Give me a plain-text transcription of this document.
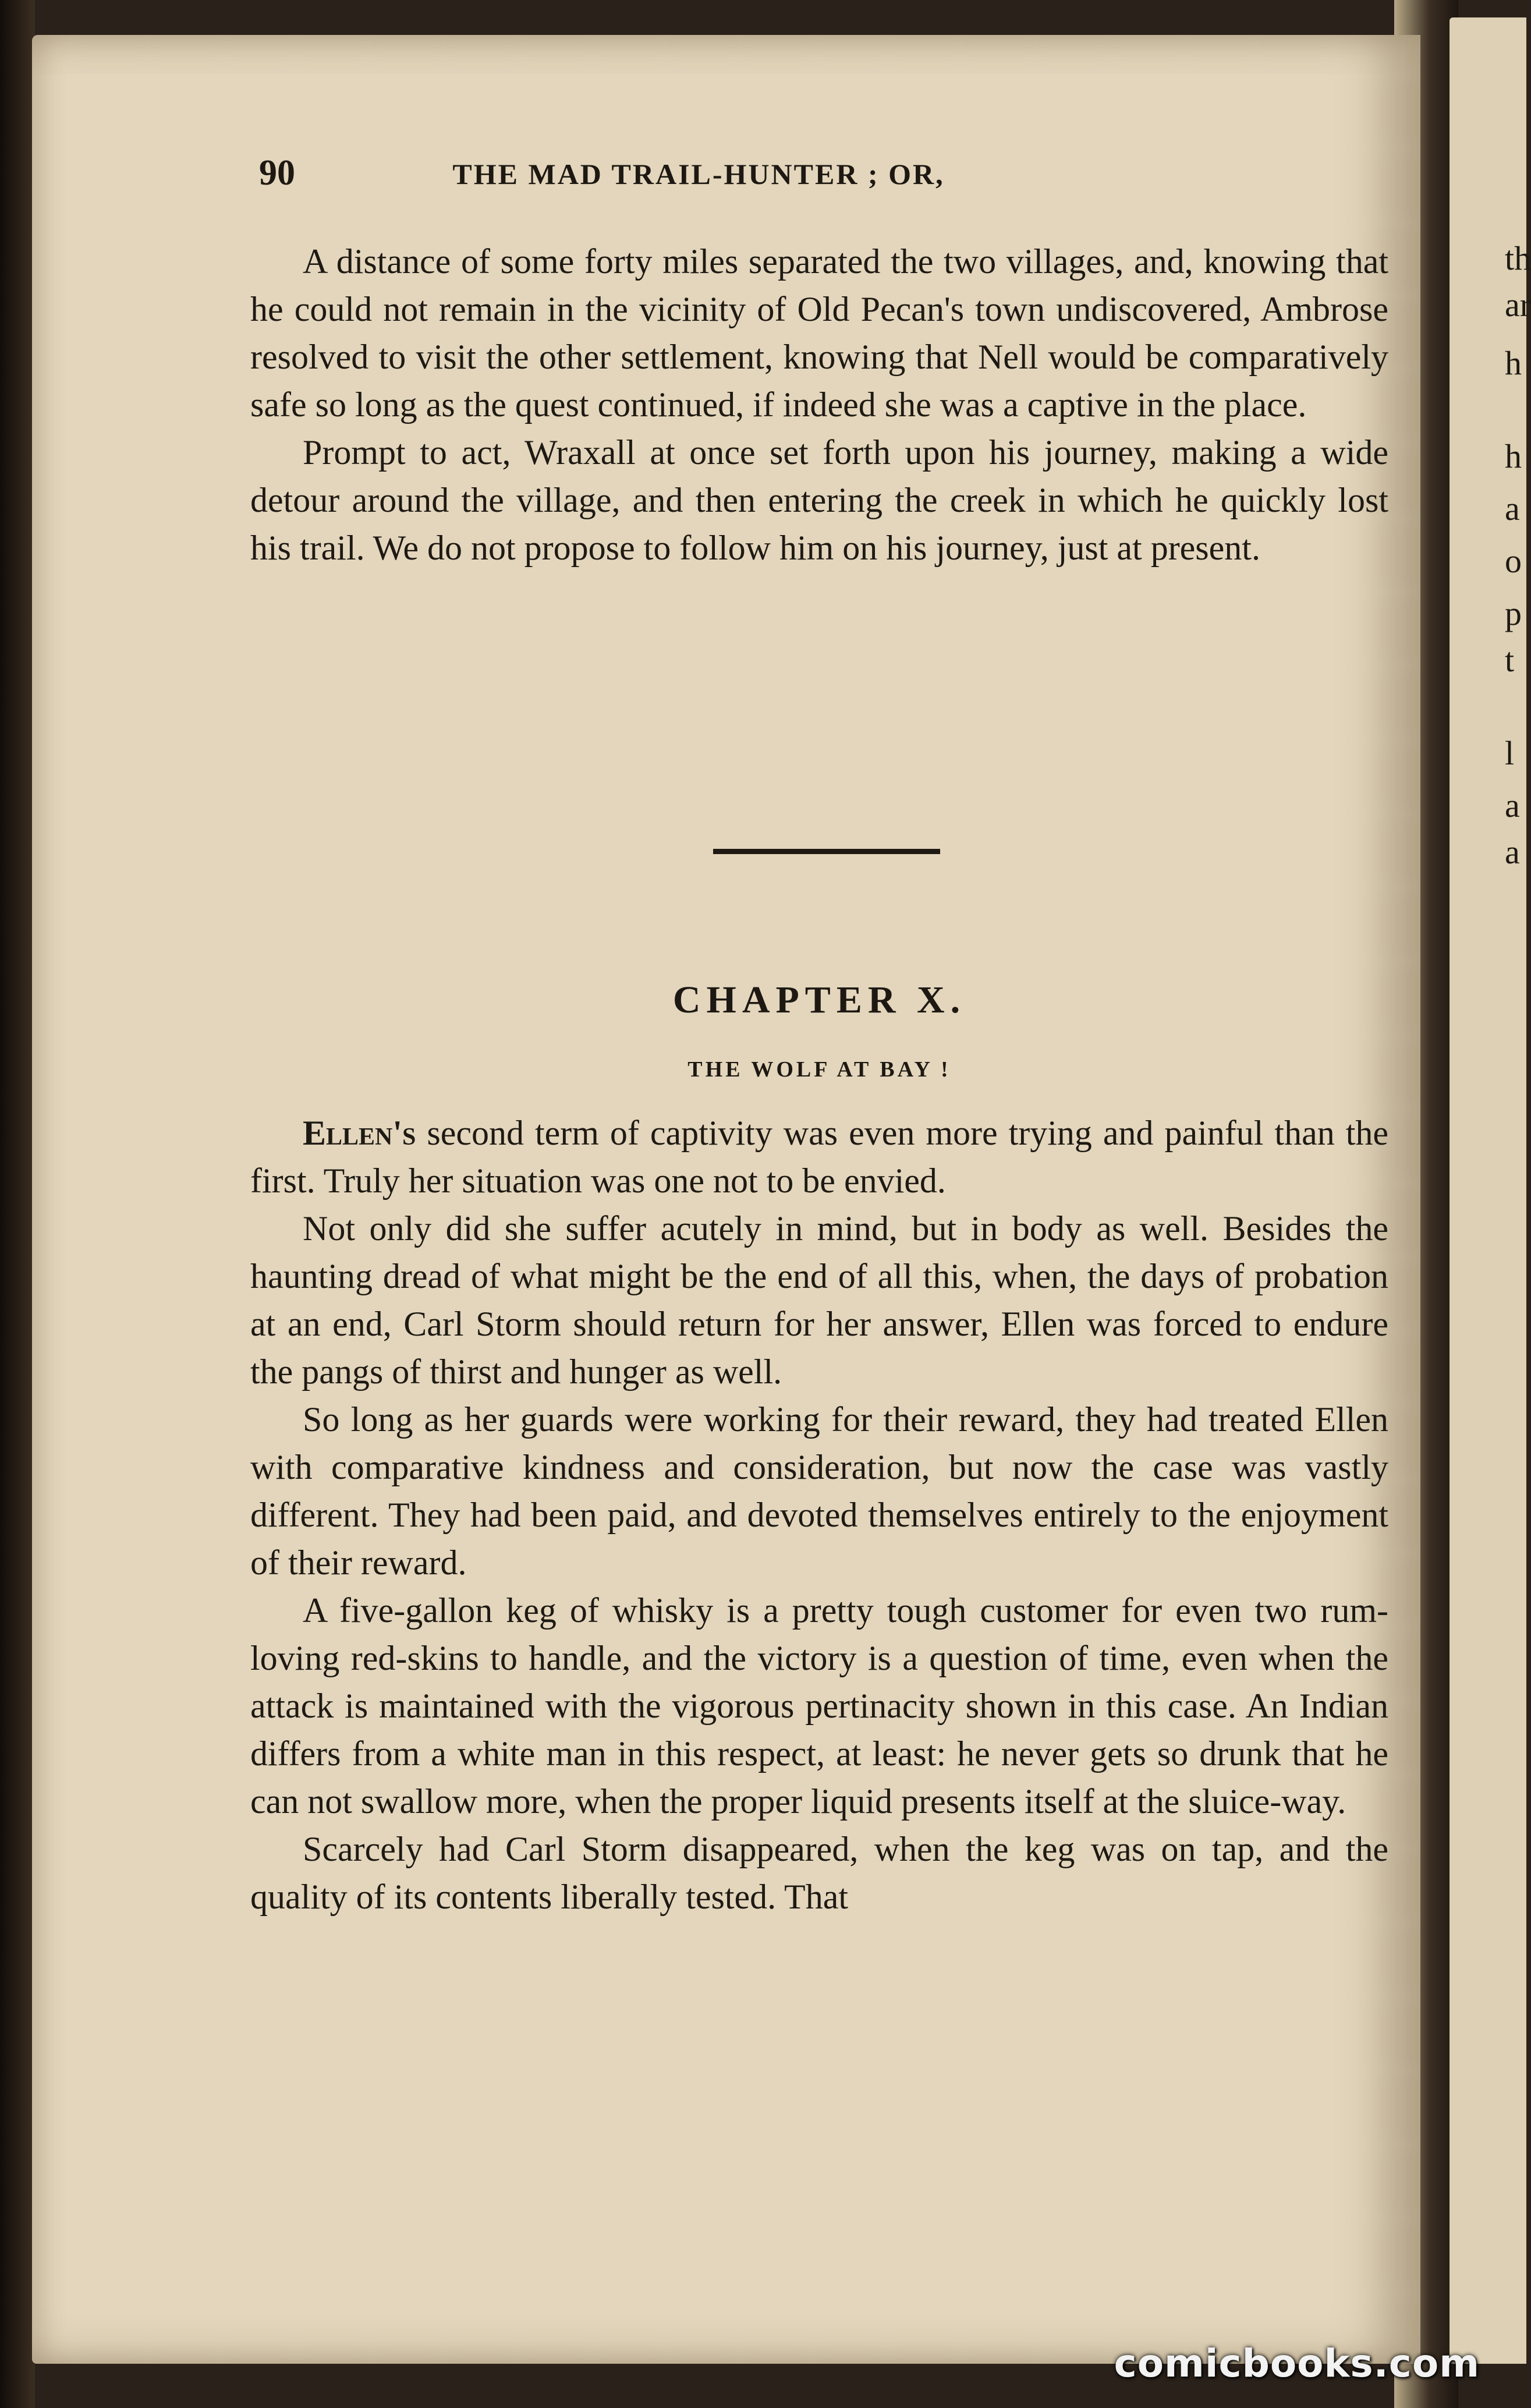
th
ar
h
h
a
o
p
t
l
a
a
90	THE MAD TRAIL-HUNTER ; OR,

A distance of some forty miles separated the two villages, and, knowing that he could not remain in the vicinity of Old Pecan's town undiscovered, Ambrose resolved to visit the other settlement, knowing that Nell would be comparatively safe so long as the quest continued, if indeed she was a captive in the place.

Prompt to act, Wraxall at once set forth upon his journey, making a wide detour around the village, and then entering the creek in which he quickly lost his trail. We do not propose to follow him on his journey, just at present.

CHAPTER X.
THE WOLF AT BAY !

Ellen's second term of captivity was even more trying and painful than the first. Truly her situation was one not to be envied.

Not only did she suffer acutely in mind, but in body as well. Besides the haunting dread of what might be the end of all this, when, the days of probation at an end, Carl Storm should return for her answer, Ellen was forced to endure the pangs of thirst and hunger as well.

So long as her guards were working for their reward, they had treated Ellen with comparative kindness and consideration, but now the case was vastly different. They had been paid, and devoted themselves entirely to the enjoyment of their reward.

A five-gallon keg of whisky is a pretty tough customer for even two rum-loving red-skins to handle, and the victory is a question of time, even when the attack is maintained with the vigorous pertinacity shown in this case. An Indian differs from a white man in this respect, at least: he never gets so drunk that he can not swallow more, when the proper liquid presents itself at the sluice-way.

Scarcely had Carl Storm disappeared, when the keg was on tap, and the quality of its contents liberally tested. That

comicbooks.com
